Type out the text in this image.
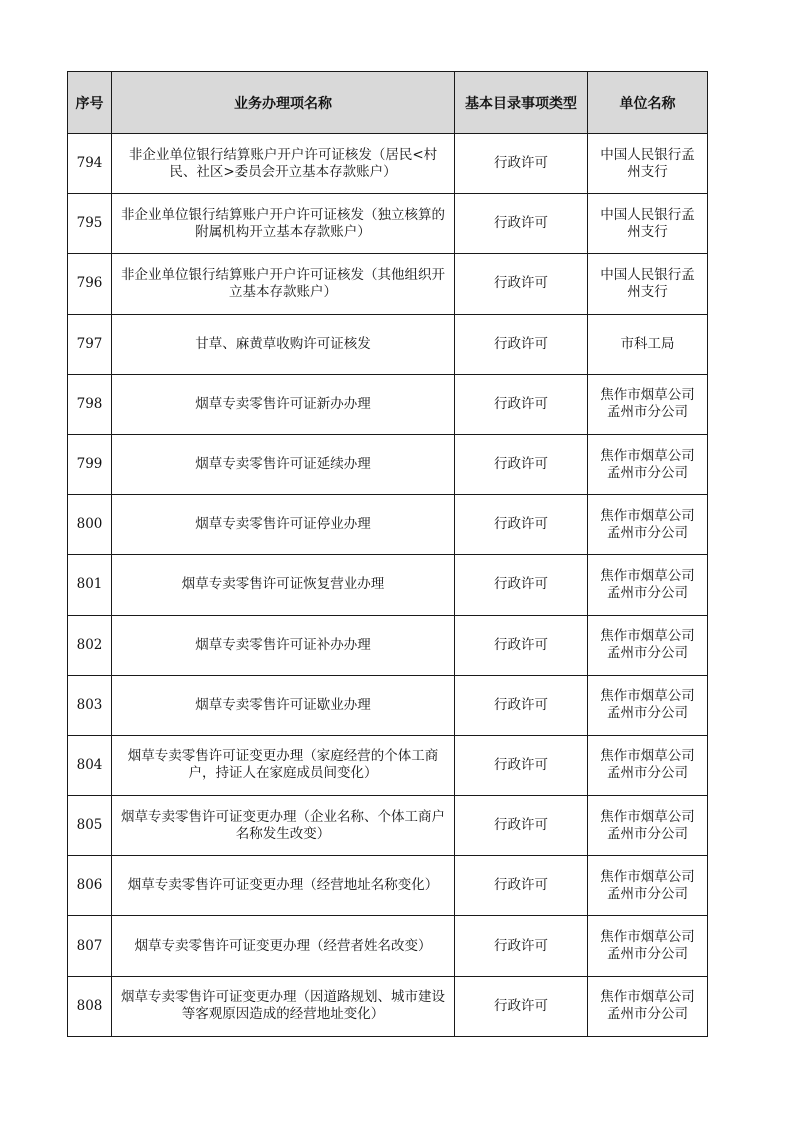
序号	业务办理项名称	基本目录事项类型	单位名称
794	非企业单位银行结算账户开户许可证核发（居民<村民、社区>委员会开立基本存款账户）	行政许可	中国人民银行孟州支行
795	非企业单位银行结算账户开户许可证核发（独立核算的附属机构开立基本存款账户）	行政许可	中国人民银行孟州支行
796	非企业单位银行结算账户开户许可证核发（其他组织开立基本存款账户）	行政许可	中国人民银行孟州支行
797	甘草、麻黄草收购许可证核发	行政许可	市科工局
798	烟草专卖零售许可证新办办理	行政许可	焦作市烟草公司孟州市分公司
799	烟草专卖零售许可证延续办理	行政许可	焦作市烟草公司孟州市分公司
800	烟草专卖零售许可证停业办理	行政许可	焦作市烟草公司孟州市分公司
801	烟草专卖零售许可证恢复营业办理	行政许可	焦作市烟草公司孟州市分公司
802	烟草专卖零售许可证补办办理	行政许可	焦作市烟草公司孟州市分公司
803	烟草专卖零售许可证歇业办理	行政许可	焦作市烟草公司孟州市分公司
804	烟草专卖零售许可证变更办理（家庭经营的个体工商户，持证人在家庭成员间变化）	行政许可	焦作市烟草公司孟州市分公司
805	烟草专卖零售许可证变更办理（企业名称、个体工商户名称发生改变）	行政许可	焦作市烟草公司孟州市分公司
806	烟草专卖零售许可证变更办理（经营地址名称变化）	行政许可	焦作市烟草公司孟州市分公司
807	烟草专卖零售许可证变更办理（经营者姓名改变）	行政许可	焦作市烟草公司孟州市分公司
808	烟草专卖零售许可证变更办理（因道路规划、城市建设等客观原因造成的经营地址变化）	行政许可	焦作市烟草公司孟州市分公司
